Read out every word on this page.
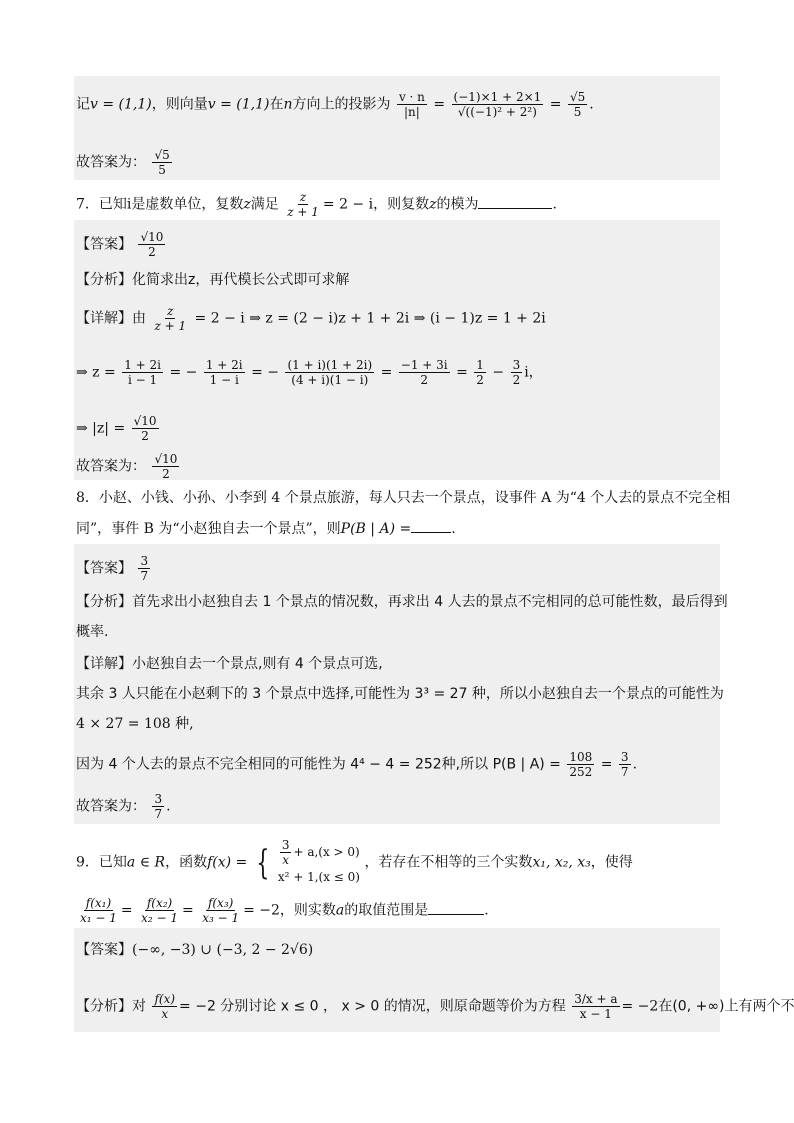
记v = (1,1)，则向量v = (1,1)在n方向上的投影为 $\frac{v \cdot n}{|n|} = \frac{(-1)\times 1 + 2\times 1}{\text{√((−1)² + 2²)}} = \frac{√5}{5}$ .
故答案为： $\frac{√5}{5}$
7．已知i是虚数单位，复数z满足 $\frac{z}{z + 1} = 2 - i$，则复数z的模为	.
【答案】 $\frac{√10}{2}$
【分析】化简求出z，再代模长公式即可求解
【详解】由 $\frac{z}{z + 1} = 2 - i$ ⇒ z = (2 − i)z + 1 + 2i ⇒ (i − 1)z = 1 + 2i
⇒ $z = \frac{1 + 2i}{i - 1}$ = − $\frac{1 + 2i}{1 - i}$ = − $\frac{(1 + i)(1 + 2i)}{(4 + i)(1 - i)} = \frac{-1 + 3i}{2} = \frac{1}{2} - \frac{3}{2}$ i，
⇒ $|z| = \frac{√10}{2}$
故答案为： $\frac{√10}{2}$
8．小赵、小钱、小孙、小李到 4 个景点旅游，每人只去一个景点，设事件 A 为“4 个人去的景点不完全相
同”，事件 B 为“小赵独自去一个景点”，则P(B | A) =	.
【答案】 $\frac{3}{7}$
【分析】首先求出小赵独自去 1 个景点的情况数，再求出 4 人去的景点不完相同的总可能性数，最后得到
概率.
【详解】小赵独自去一个景点,则有 4 个景点可选,
其余 3 人只能在小赵剩下的 3 个景点中选择,可能性为 3³ = 27 种，所以小赵独自去一个景点的可能性为
4 × 27 = 108 种,
因为 4 个人去的景点不完全相同的可能性为 4⁴ − 4 = 252种,所以 P(B | $A) = \frac{108}{252} = \frac{3}{7}$ .
故答案为： $\frac{3}{7}$ .
9．已知a ∈ R，函数f(x) = { $\frac{3}{x} + a,(x > 0)$
x² + 1,(x ≤ 0)
，若存在不相等的三个实数x₁, x₂, x₃，使得
$\frac{\text{f(x₁)}}{\text{x₁ − 1}} = \frac{\text{f(x₂)}}{\text{x₂ − 1}} = \frac{\text{f(x₃)}}{\text{x₃ − 1}} = -2$，则实数a的取值范围是	.
【答案】(−∞, −3) ∪ (−3, 2 − 2√6)
【分析】对 $\frac{f(x)}{x} = -2$ 分别讨论 x ≤ 0 ， x > 0 的情况，则原命题等价为方程 $\frac{3/x + a}{x - 1} = -2$在(0, +∞)上有两个不
